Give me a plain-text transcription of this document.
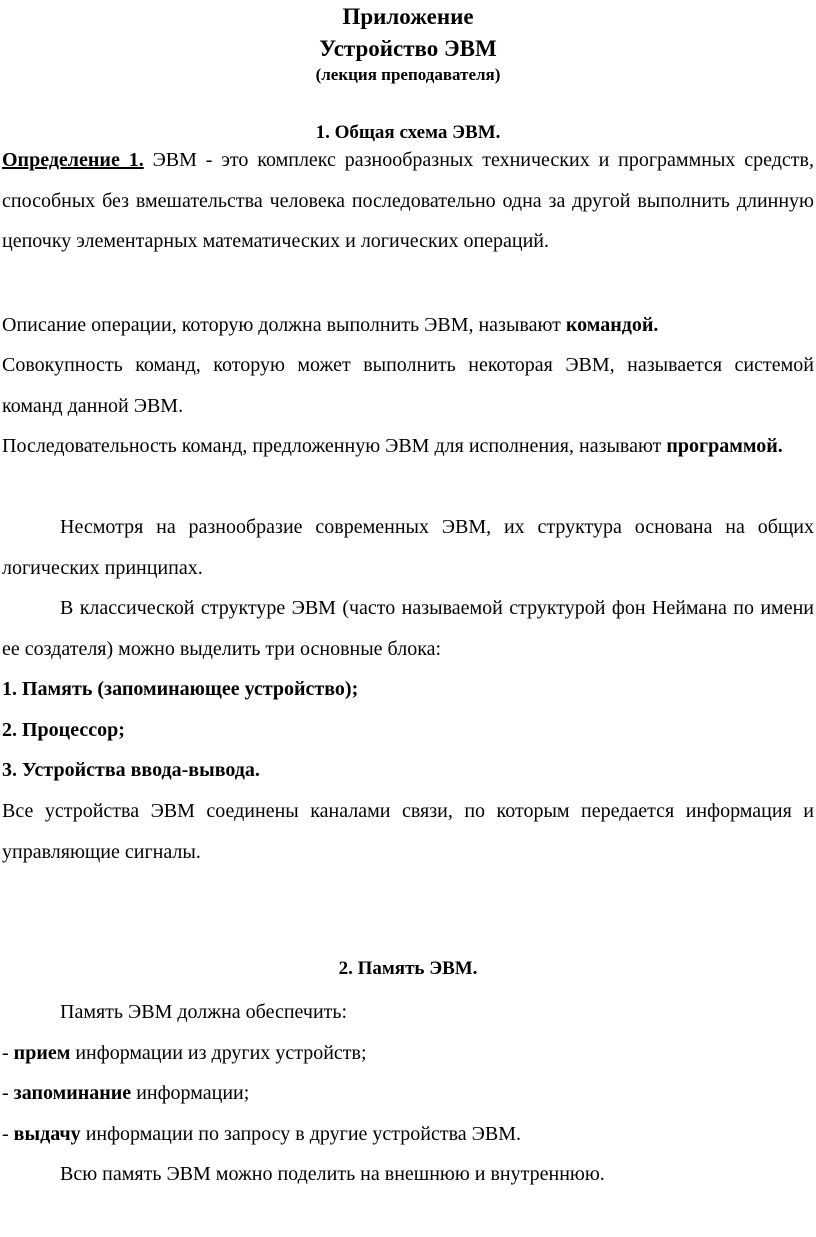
Приложение
Устройство ЭВМ
(лекция преподавателя)
1. Общая схема ЭВМ.

Определение 1. ЭВМ - это комплекс разнообразных технических и программных средств, способных без вмешательства человека последовательно одна за другой выполнить длинную цепочку элементарных математических и логических операций.

Описание операции, которую должна выполнить ЭВМ, называют командой.

Совокупность команд, которую может выполнить некоторая ЭВМ, называется системой команд данной ЭВМ.

Последовательность команд, предложенную ЭВМ для исполнения, называют программой.

Несмотря на разнообразие современных ЭВМ, их структура основана на общих логических принципах.

В классической структуре ЭВМ (часто называемой структурой фон Неймана по имени ее создателя) можно выделить три основные блока:

1. Память (запоминающее устройство);

2. Процессор;

3. Устройства ввода-вывода.

Все устройства ЭВМ соединены каналами связи, по которым передается информация и управляющие сигналы.

2. Память ЭВМ.

Память ЭВМ должна обеспечить:

- прием информации из других устройств;

- запоминание информации;

- выдачу информации по запросу в другие устройства ЭВМ.

Всю память ЭВМ можно поделить на внешнюю и внутреннюю.
